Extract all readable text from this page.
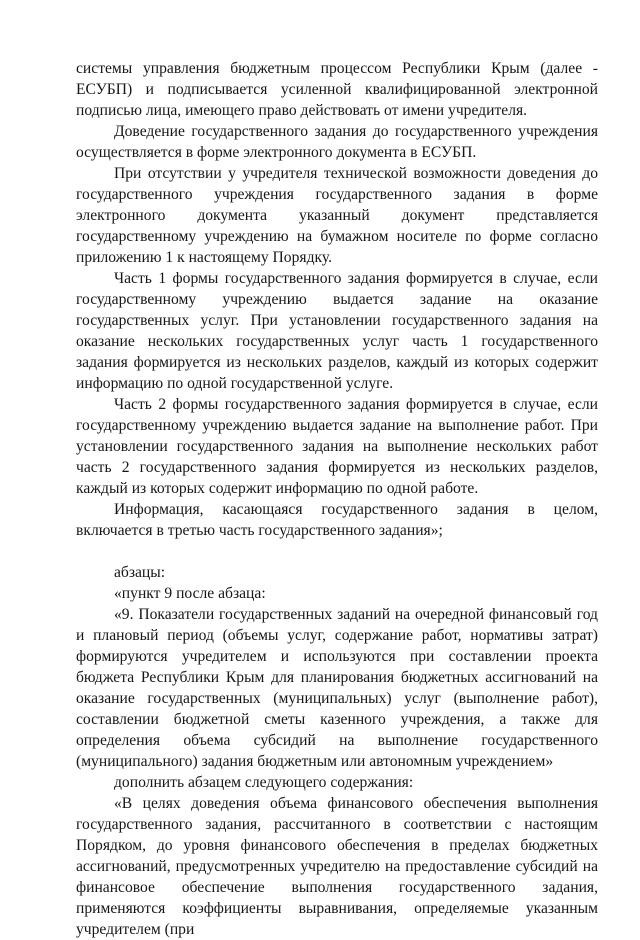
системы управления бюджетным процессом Республики Крым (далее - ЕСУБП) и подписывается усиленной квалифицированной электронной подписью лица, имеющего право действовать от имени учредителя.

Доведение государственного задания до государственного учреждения осуществляется в форме электронного документа в ЕСУБП.

При отсутствии у учредителя технической возможности доведения до государственного учреждения государственного задания в форме электронного документа указанный документ представляется государственному учреждению на бумажном носителе по форме согласно приложению 1 к настоящему Порядку.

Часть 1 формы государственного задания формируется в случае, если государственному учреждению выдается задание на оказание государственных услуг. При установлении государственного задания на оказание нескольких государственных услуг часть 1 государственного задания формируется из нескольких разделов, каждый из которых содержит информацию по одной государственной услуге.

Часть 2 формы государственного задания формируется в случае, если государственному учреждению выдается задание на выполнение работ. При установлении государственного задания на выполнение нескольких работ часть 2 государственного задания формируется из нескольких разделов, каждый из которых содержит информацию по одной работе.

Информация, касающаяся государственного задания в целом, включается в третью часть государственного задания»;

абзацы:

«пункт 9 после абзаца:

«9. Показатели государственных заданий на очередной финансовый год и плановый период (объемы услуг, содержание работ, нормативы затрат) формируются учредителем и используются при составлении проекта бюджета Республики Крым для планирования бюджетных ассигнований на оказание государственных (муниципальных) услуг (выполнение работ), составлении бюджетной сметы казенного учреждения, а также для определения объема субсидий на выполнение государственного (муниципального) задания бюджетным или автономным учреждением»

дополнить абзацем следующего содержания:

«В целях доведения объема финансового обеспечения выполнения государственного задания, рассчитанного в соответствии с настоящим Порядком, до уровня финансового обеспечения в пределах бюджетных ассигнований, предусмотренных учредителю на предоставление субсидий на финансовое обеспечение выполнения государственного задания, применяются коэффициенты выравнивания, определяемые указанным учредителем (при
